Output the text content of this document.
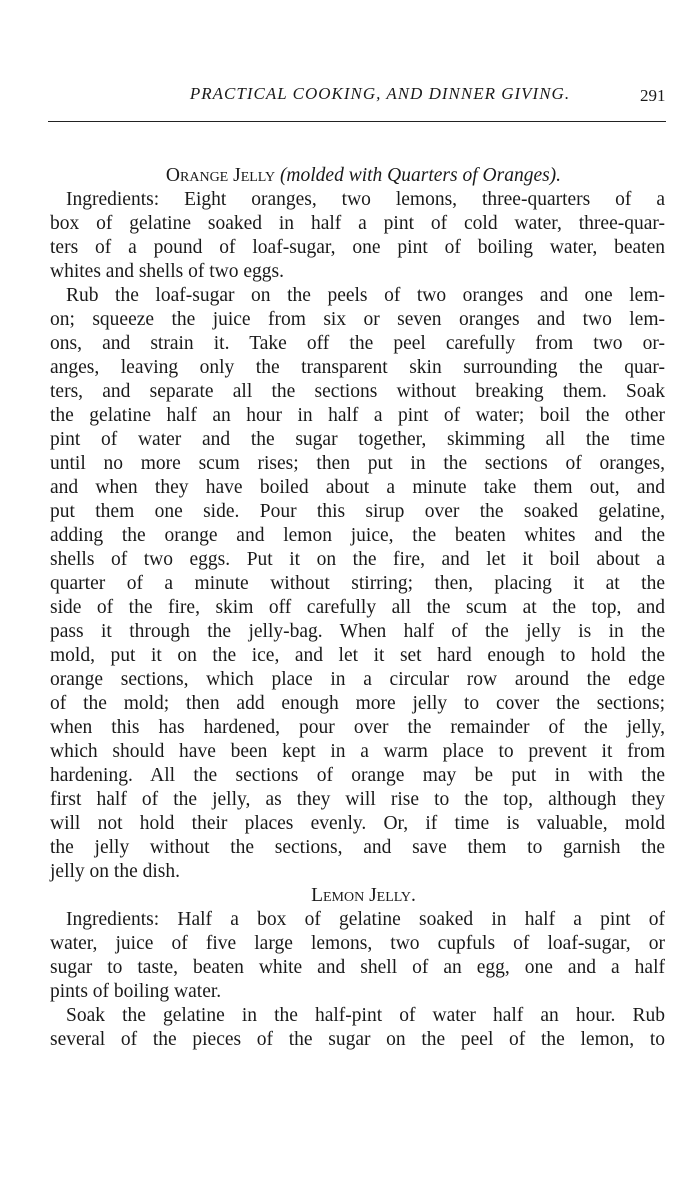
PRACTICAL COOKING, AND DINNER GIVING.	291
Orange Jelly (molded with Quarters of Oranges).
Ingredients: Eight oranges, two lemons, three-quarters of a
box of gelatine soaked in half a pint of cold water, three-quar-
ters of a pound of loaf-sugar, one pint of boiling water, beaten
whites and shells of two eggs.
Rub the loaf-sugar on the peels of two oranges and one lem-
on; squeeze the juice from six or seven oranges and two lem-
ons, and strain it. Take off the peel carefully from two or-
anges, leaving only the transparent skin surrounding the quar-
ters, and separate all the sections without breaking them. Soak
the gelatine half an hour in half a pint of water; boil the other
pint of water and the sugar together, skimming all the time
until no more scum rises; then put in the sections of oranges,
and when they have boiled about a minute take them out, and
put them one side. Pour this sirup over the soaked gelatine,
adding the orange and lemon juice, the beaten whites and the
shells of two eggs. Put it on the fire, and let it boil about a
quarter of a minute without stirring; then, placing it at the
side of the fire, skim off carefully all the scum at the top, and
pass it through the jelly-bag. When half of the jelly is in the
mold, put it on the ice, and let it set hard enough to hold the
orange sections, which place in a circular row around the edge
of the mold; then add enough more jelly to cover the sections;
when this has hardened, pour over the remainder of the jelly,
which should have been kept in a warm place to prevent it from
hardening. All the sections of orange may be put in with the
first half of the jelly, as they will rise to the top, although they
will not hold their places evenly. Or, if time is valuable, mold
the jelly without the sections, and save them to garnish the
jelly on the dish.
Lemon Jelly.
Ingredients: Half a box of gelatine soaked in half a pint of
water, juice of five large lemons, two cupfuls of loaf-sugar, or
sugar to taste, beaten white and shell of an egg, one and a half
pints of boiling water.
Soak the gelatine in the half-pint of water half an hour. Rub
several of the pieces of the sugar on the peel of the lemon, to
